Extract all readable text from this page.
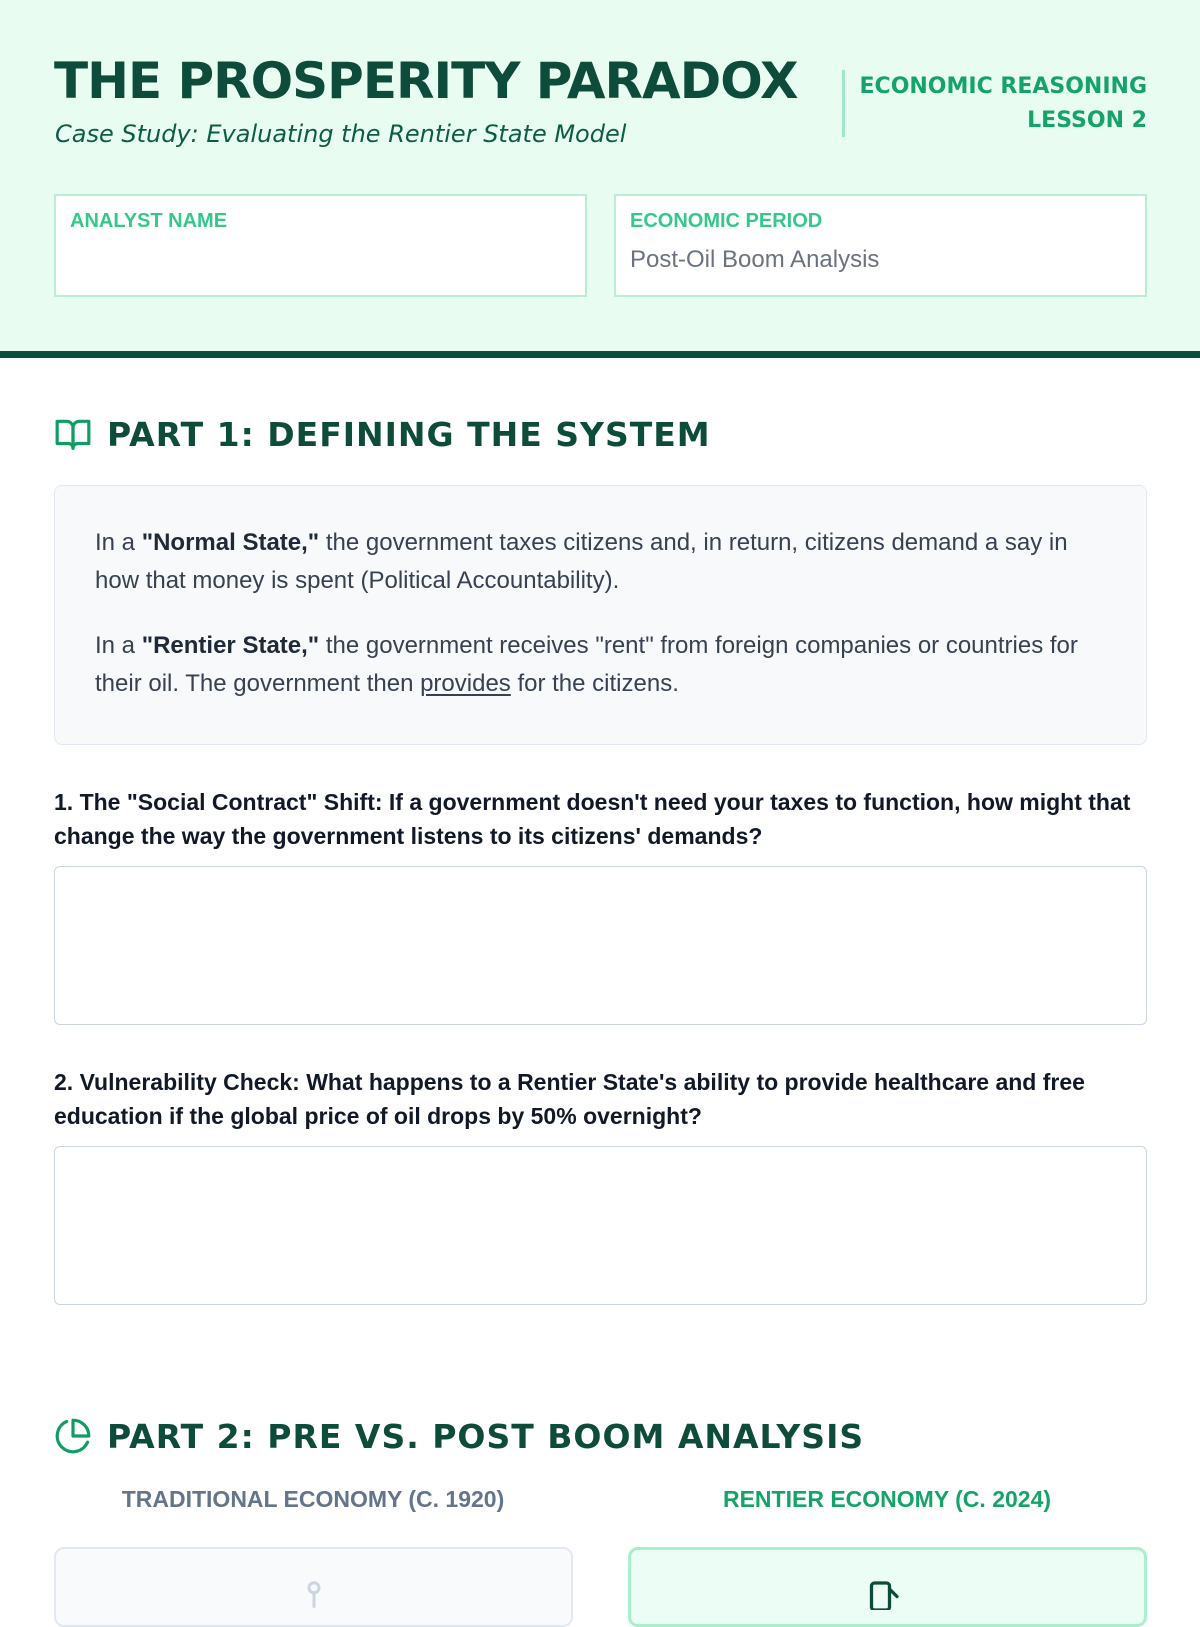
THE PROSPERITY PARADOX
Case Study: Evaluating the Rentier State Model
ECONOMIC REASONING
LESSON 2
ANALYST NAME	ECONOMIC PERIOD
Post-Oil Boom Analysis
PART 1: DEFINING THE SYSTEM

In a "Normal State," the government taxes citizens and, in return, citizens demand a say in how that money is spent (Political Accountability).

In a "Rentier State," the government receives "rent" from foreign companies or countries for their oil. The government then provides for the citizens.

1. The "Social Contract" Shift: If a government doesn't need your taxes to function, how might that change the way the government listens to its citizens' demands?
2. Vulnerability Check: What happens to a Rentier State's ability to provide healthcare and free education if the global price of oil drops by 50% overnight?
PART 2: PRE VS. POST BOOM ANALYSIS
TRADITIONAL ECONOMY (C. 1920)	RENTIER ECONOMY (C. 2024)
